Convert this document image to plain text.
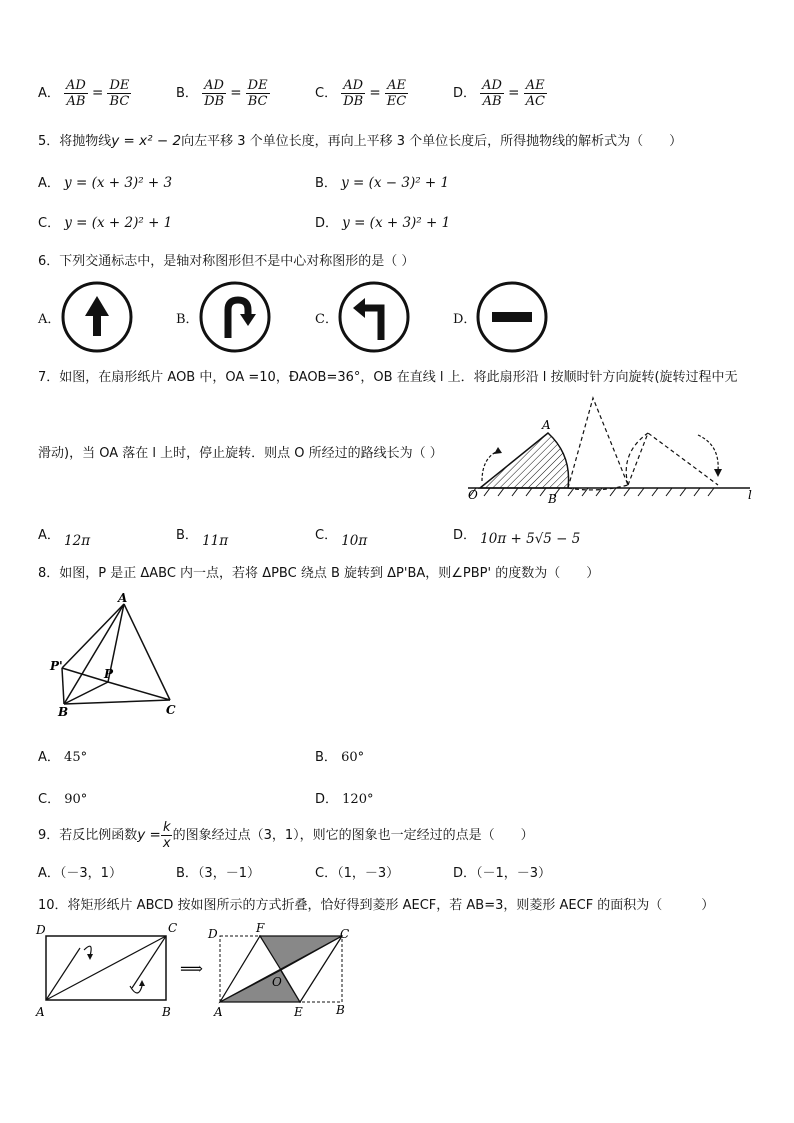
A． $\frac{AD}{AB} = \frac{DE}{BC}$	B． $\frac{AD}{DB} = \frac{DE}{BC}$	C． $\frac{AD}{DB} = \frac{AE}{EC}$	D． $\frac{AD}{AB} = \frac{AE}{AC}$
5．将抛物线y = x² − 2向左平移 3 个单位长度，再向上平移 3 个单位长度后，所得抛物线的解析式为（　　）
A． y = (x + 3)² + 3	B． y = (x − 3)² + 1
C． y = (x + 2)² + 1	D． y = (x + 3)² + 1
6．下列交通标志中，是轴对称图形但不是中心对称图形的是（ ）
A．	B．	C．	D．
7．如图，在扇形纸片 AOB 中，OA =10，ÐAOB=36°，OB 在直线 l 上．将此扇形沿 l 按顺时针方向旋转(旋转过程中无
滑动)，当 OA 落在 l 上时，停止旋转．则点 O 所经过的路线长为（ ）
A
O	B	l
A． 12π	B． 11π	C． 10π	D． 10π + 5√5 − 5
8．如图，P 是正 ΔABC 内一点，若将 ΔPBC 绕点 B 旋转到 ΔP'BA，则∠PBP' 的度数为（　　）
A
B	C
P
P'
A． 45°	B． 60°
C． 90°	D． 120°
9．若反比例函数$y = \frac{k}{x}$ 的图象经过点（3，1），则它的图象也一定经过的点是（　　）
A．（－3，1）	B．（3，－1）	C．（1，－3）	D．（－1，－3）
10．将矩形纸片 ABCD 按如图所示的方式折叠，恰好得到菱形 AECF，若 AB=3，则菱形 AECF 的面积为（　　　）
D	C
A	B
⟹
D	F	C
O
A	E	B
